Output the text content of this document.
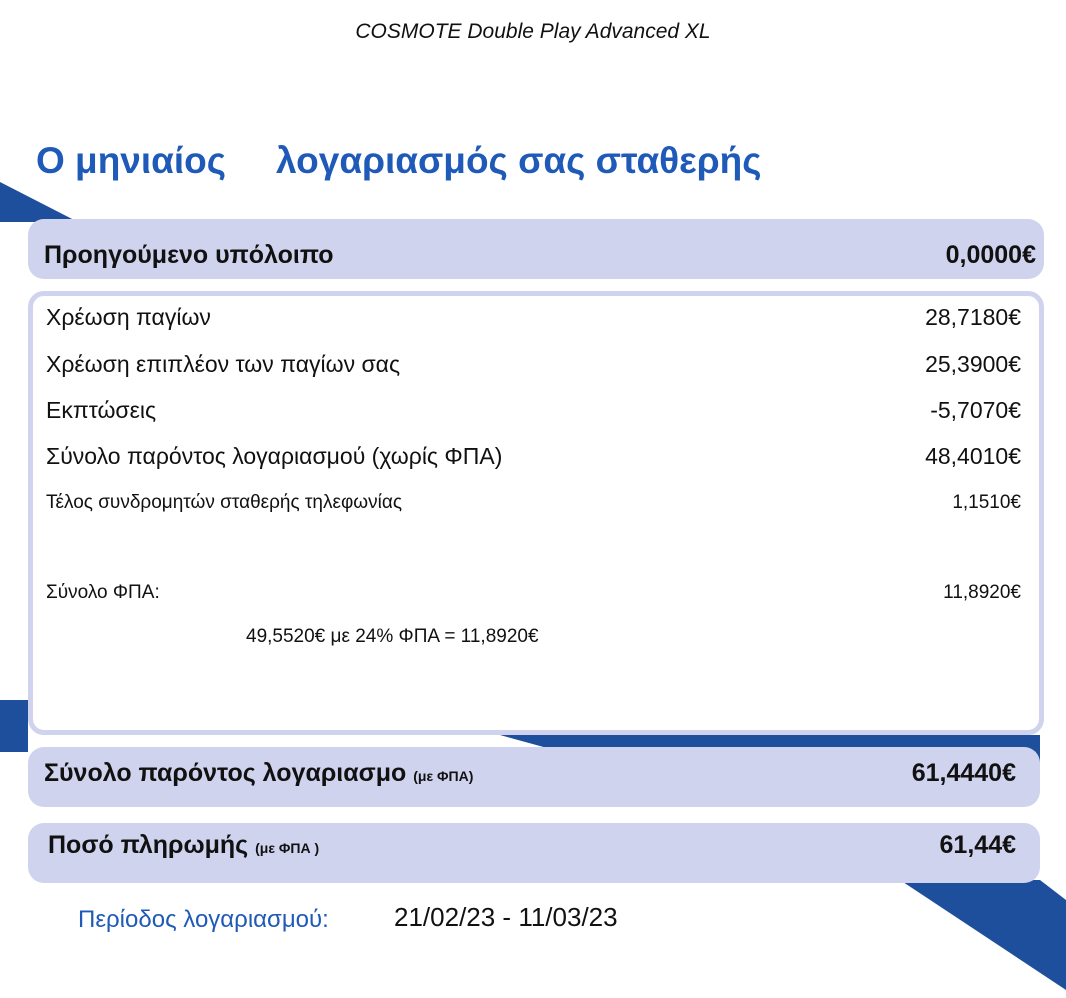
COSMOTE Double Play Advanced XL
Ο μηνιαίος λογαριασμός σας σταθερής
Προηγούμενο υπόλοιπο	0,0000€
Χρέωση παγίων	28,7180€
Χρέωση επιπλέον των παγίων σας	25,3900€
Εκπτώσεις	-5,7070€
Σύνολο παρόντος λογαριασμού (χωρίς ΦΠΑ)	48,4010€
Τέλος συνδρομητών σταθερής τηλεφωνίας	1,1510€
Σύνολο ΦΠΑ:	11,8920€
49,5520€ με 24% ΦΠΑ = 11,8920€
Σύνολο παρόντος λογαριασμο (με ΦΠΑ)	61,4440€
Ποσό πληρωμής (με ΦΠΑ )	61,44€
Περίοδος λογαριασμού:	21/02/23 - 11/03/23
